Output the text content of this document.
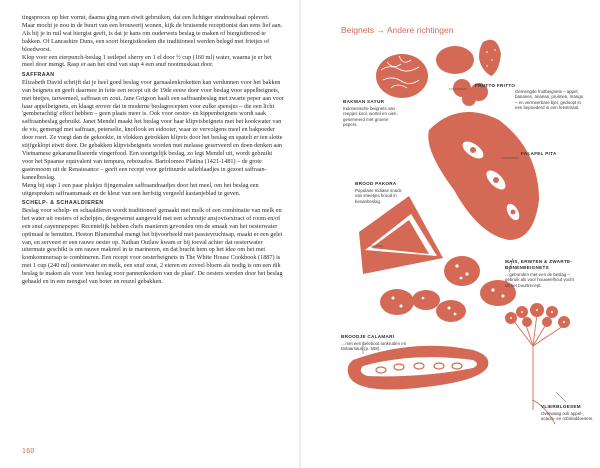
tingsproces op hier vormt, daarna ging men eiwit gebruiken, dat een lichtiger eindresultaat oplevert. Maar mocht je nou in de buurt van een brouwerij wonen, kijk de bruisende receptionist dan eens lief aan. Als bij je in ruil wat biergist geeft, is dat je kans om ouderwets beslag te maken of biergistbrood te bakken. Of Lancashire Duns, een soort biergistkoeken die traditioneel werden belegd met frietjes of bloedworst.

Klop voor een eierpunch-beslag 1 eetlepel sherry en 1 el door ½ cup (160 ml) water, waarna je er het meel door mengt. Rasp er aan het eind van stap 4 een snuf nootmuskaat door.

SAFFRAAN

Elizabeth David schrijft dat je heel goed beslag voor garnaalenkroketten kan verdunnen voor het bakken van beignets en geeft daarmee in feite een recept uit de 19de eeuw door voor beslag voor appelbeignets, met bietjes, tarwemeel, saffraan en zout. Jane Grigson haalt een saffraanbeslag met zwarte peper aan voor haar appelbeignets, en klaagt erover dat in moderne beslagrecepten voor zulke speesjes – die een licht 'gemberachtig' effect hebben – geen plaats meer is. Ook voor oester- en kippenbeignets wordt saak saffraanbeslag gebruikt. Janet Mendel maakt het beslag voor haar klipvisbeignets met het kookwater van de vis, gemengd met saffraan, peterselie, knoflook en eidooier, waar ze vervolgens meel en bakpoeder door roert. Ze voegt dan de gekookte, in vlokken getrokken klipvis door het beslag en spatelt er ten slotte stijfgeklopt eiwit door. De gebakken klipvisbeignets worden met melasse geserveerd en doen denken aan Vietnamese gekaramelliseerde vingerfood. Een soortgelijk beslag, zo legt Mendel uit, wordt gebruikt voor het Spaanse equivalent van tempura, rebozados. Bartolomeo Platina (1421-1481) – de grote gastronoom uit de Renaissance – geeft een recept voor gefrituurde salieblaadjes in gezoet saffraan-kaneelbeslag.

Meng bij stap 1 een paar plukjes fijngemalen saffraandraadjes door het meel, om het beslag een uitgesproken saffraansmaak en de kleur van een herfstig vergeeld kastanjeblad te geven.

SCHELP- & SCHAALDIEREN

Beslag voor schelp- en schaaldieren wordt traditioneel gemaakt met melk of een combinatie van melk en het water uit oesters of schelpjes, desgewenst aangevuld met een schreutje ansjovisextract of room en/of een snuf cayennepeper. Recentelijk hebben chefs manieren gevonden om de smaak van het oesterwater optimaal te benutten. Heston Blumenthal mengt het bijvoorbeeld met passievruchtsap, maakt er een gelei van, en serveert er een rauwe oester op. Nathan Outlaw kwam er bij toeval achter dat oesterwater uitermate geschikt is om rauwe makreel in te marineren, en dat bracht hem op het idee om het met komkommersap te combineren. Een recept voor oesterbeignets in The White House Cookbook (1887) is met 1 cup (240 ml) oesterwater en melk, een snuf zout, 2 eieren en zoveel bloem als nodig is om een dik beslag te maken als voor 'een beslag voor pannenkoeken van de plaat'. De oesters werden door het beslag gehaald en in een mengsel van boter en reuzel gebakken.

160
Beignets → Andere richtingen
BAKWAN SAYUR
Indonesische beignets van reepjes kool, wortel en uien, geserveerd met groene pepers.
FRUTTO FRITTO
Gemengde fruitbeignets – appel, bananen, ananas, pruimen, mango – en vermeerbare bjer, gedoopt in een bepoederd in een feestmaal.
FALAFEL PITA
BROOD PAKORA
Populaire Indiase snack van sneetjes brood in besanbeslag.
MAIS, ERWTEN & ZWARTE-BONENBEIGNETS
…gebonden met een de beslag – gebruik als voor houweelhout vocht uit het buurtrecept.
BROODJE CALAMARI
…met een beleboot tunkruden en tartaarsaus (p. 558).
VLIERBLOESEM
Overwaag ook appel-, acacia- en robiniabloesem.
